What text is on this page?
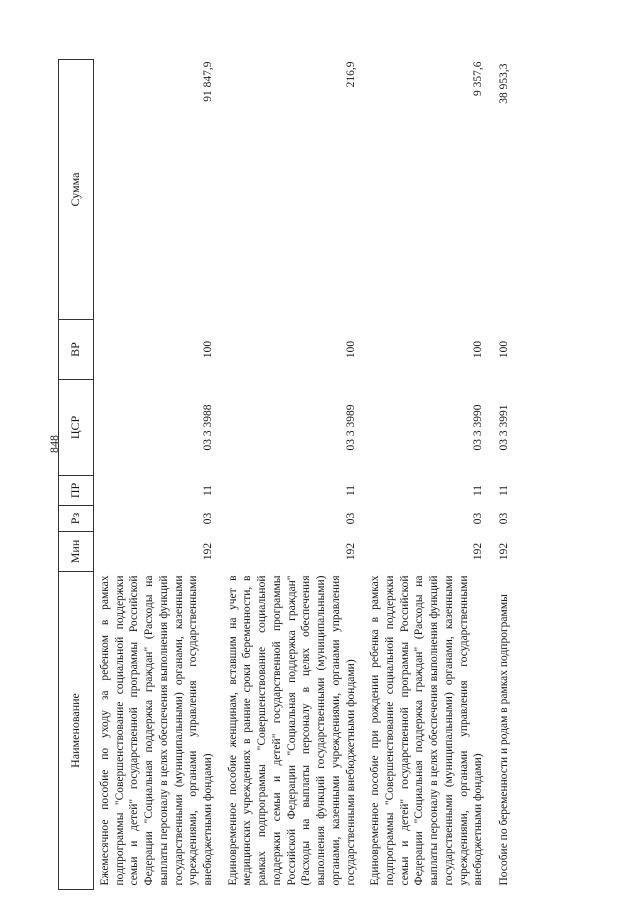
848
Наименование	Мин	Рз	ПР	ЦСР	ВР	Сумма
Ежемесячное пособие по уходу за ребенком в рамках подпрограммы "Совершенствование социальной поддержки семьи и детей" государственной программы Российской Федерации "Социальная поддержка граждан" (Расходы на выплаты персоналу в целях обеспечения выполнения функций государственными (муниципальными) органами, казенными учреждениями, органами управления государственными внебюджетными фондами)	192	03	11	03 3 3988	100	91 847,9
Единовременное пособие женщинам, вставшим на учет в медицинских учреждениях в ранние сроки беременности, в рамках подпрограммы "Совершенствование социальной поддержки семьи и детей" государственной программы Российской Федерации "Социальная поддержка граждан" (Расходы на выплаты персоналу в целях обеспечения выполнения функций государственными (муниципальными) органами, казенными учреждениями, органами управления государственными внебюджетными фондами)	192	03	11	03 3 3989	100	216,9
Единовременное пособие при рождении ребенка в рамках подпрограммы "Совершенствование социальной поддержки семьи и детей" государственной программы Российской Федерации "Социальная поддержка граждан" (Расходы на выплаты персоналу в целях обеспечения выполнения функций государственными (муниципальными) органами, казенными учреждениями, органами управления государственными внебюджетными фондами)	192	03	11	03 3 3990	100	9 357,6
Пособие по беременности и родам в рамках подпрограммы	192	03	11	03 3 3991	100	38 953,3
